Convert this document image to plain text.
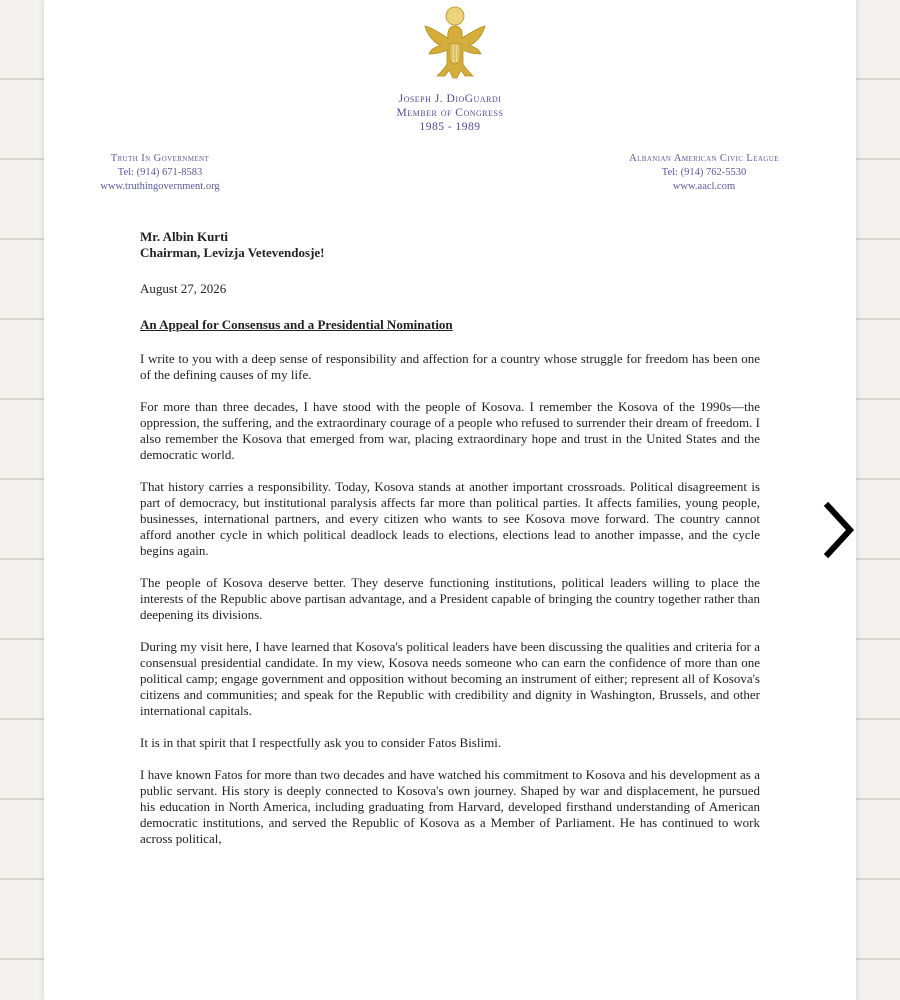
Joseph J. DioGuardi
Member of Congress
1985 - 1989
Truth In Government
Tel: (914) 671-8583
www.truthingovernment.org
Albanian American Civic League
Tel: (914) 762-5530
www.aacl.com

Mr. Albin Kurti
Chairman, Levizja Vetevendosje!

August 27, 2026

An Appeal for Consensus and a Presidential Nomination

I write to you with a deep sense of responsibility and affection for a country whose struggle for freedom has been one of the defining causes of my life.

For more than three decades, I have stood with the people of Kosova. I remember the Kosova of the 1990s—the oppression, the suffering, and the extraordinary courage of a people who refused to surrender their dream of freedom. I also remember the Kosova that emerged from war, placing extraordinary hope and trust in the United States and the democratic world.

That history carries a responsibility. Today, Kosova stands at another important crossroads. Political disagreement is part of democracy, but institutional paralysis affects far more than political parties. It affects families, young people, businesses, international partners, and every citizen who wants to see Kosova move forward. The country cannot afford another cycle in which political deadlock leads to elections, elections lead to another impasse, and the cycle begins again.

The people of Kosova deserve better. They deserve functioning institutions, political leaders willing to place the interests of the Republic above partisan advantage, and a President capable of bringing the country together rather than deepening its divisions.

During my visit here, I have learned that Kosova's political leaders have been discussing the qualities and criteria for a consensual presidential candidate. In my view, Kosova needs someone who can earn the confidence of more than one political camp; engage government and opposition without becoming an instrument of either; represent all of Kosova's citizens and communities; and speak for the Republic with credibility and dignity in Washington, Brussels, and other international capitals.

It is in that spirit that I respectfully ask you to consider Fatos Bislimi.

I have known Fatos for more than two decades and have watched his commitment to Kosova and his development as a public servant. His story is deeply connected to Kosova's own journey. Shaped by war and displacement, he pursued his education in North America, including graduating from Harvard, developed firsthand understanding of American democratic institutions, and served the Republic of Kosova as a Member of Parliament. He has continued to work across political,
